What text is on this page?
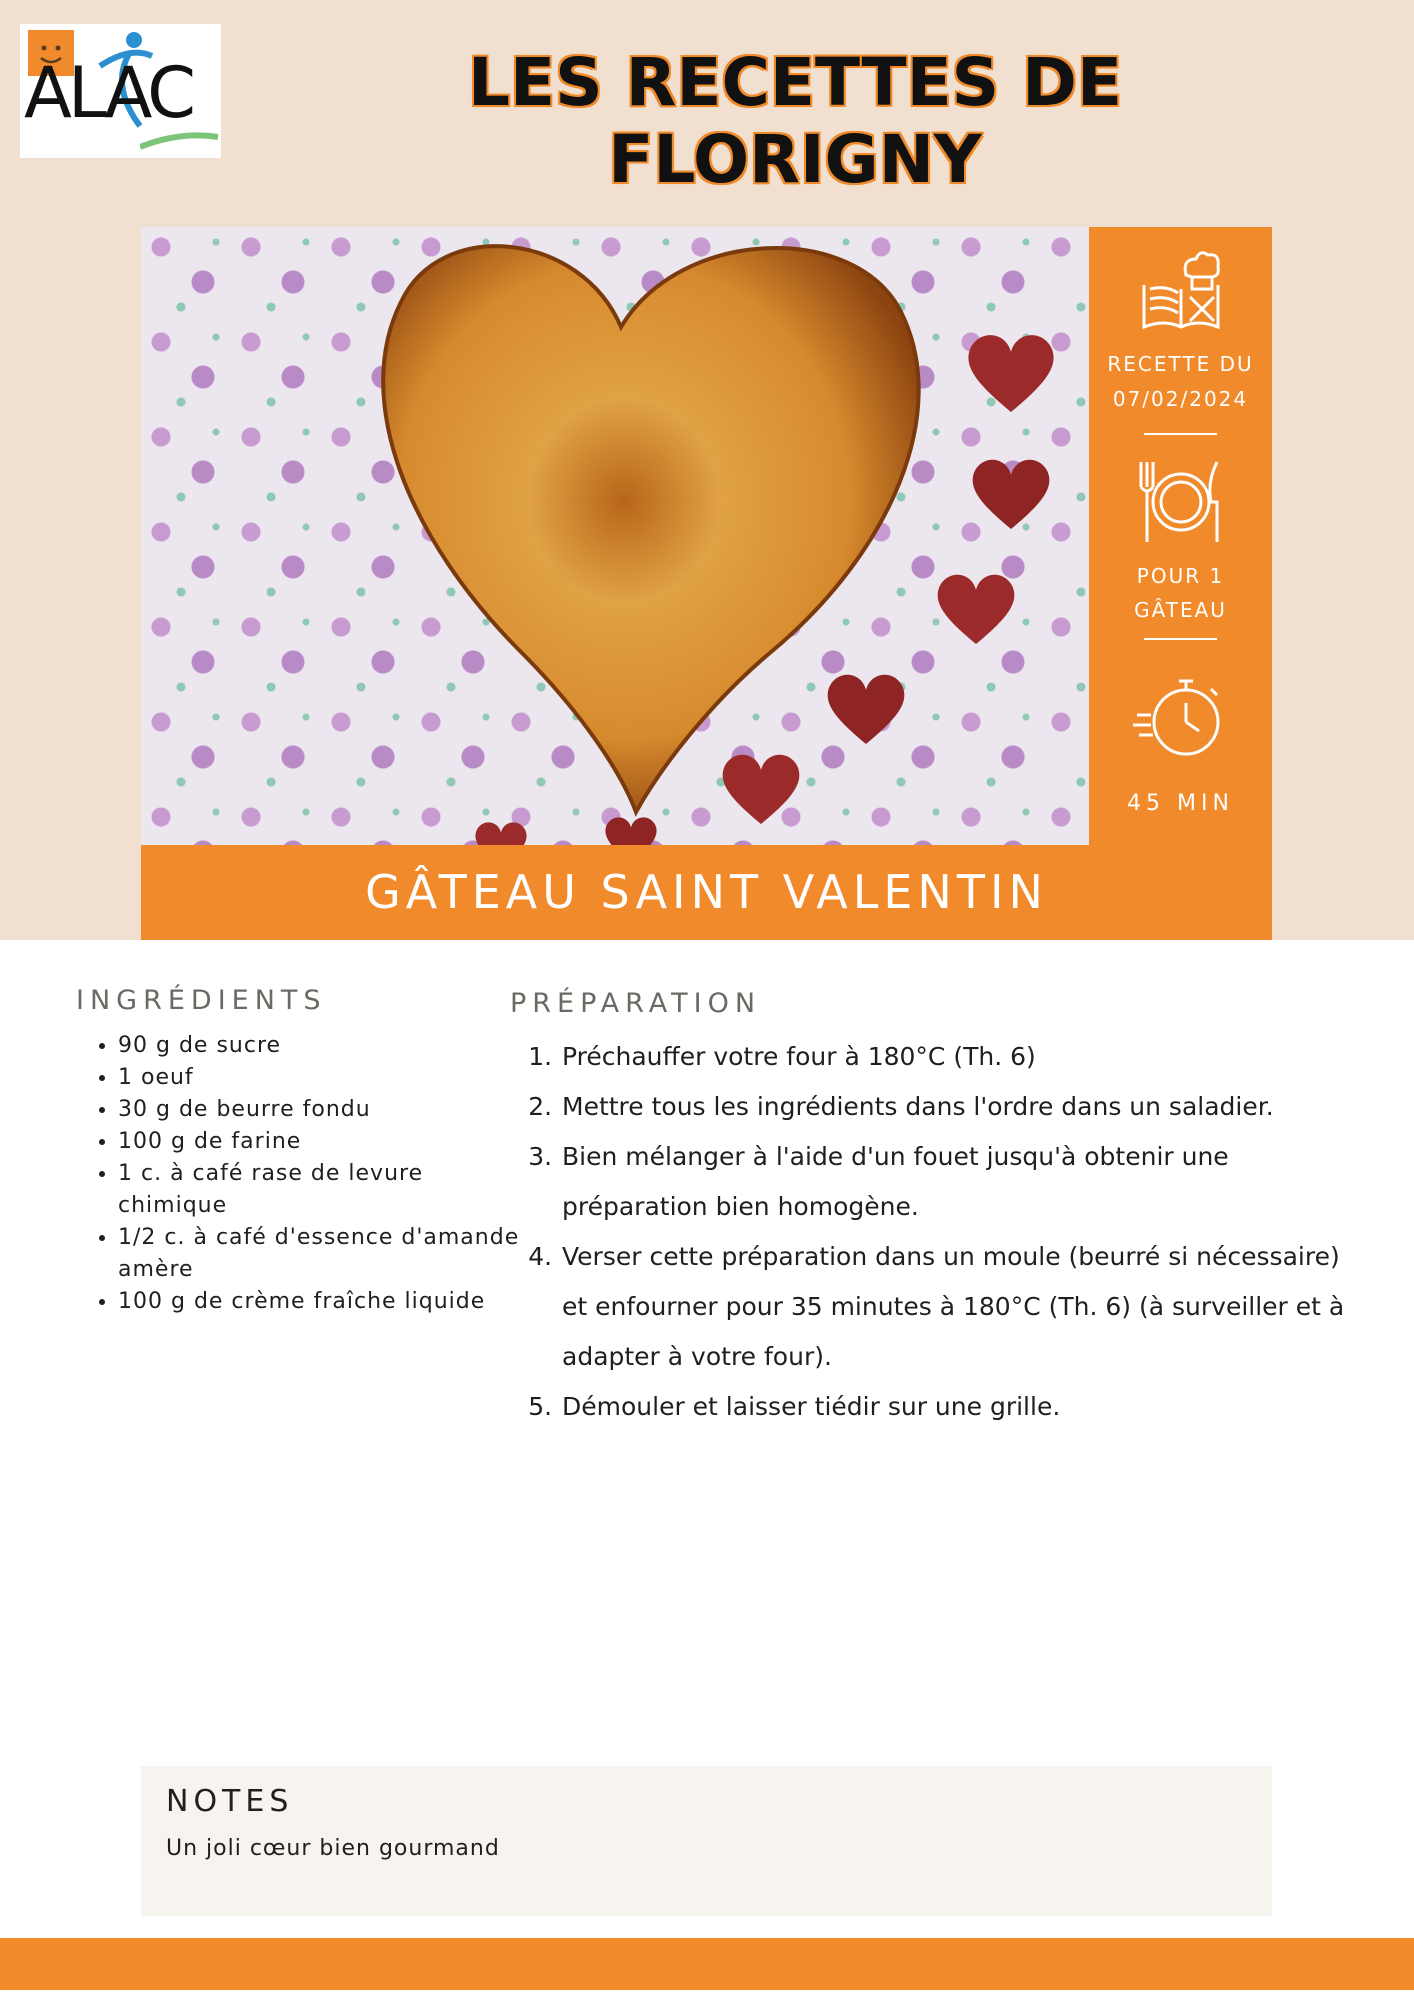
ALAC	LES RECETTES DE FLORIGNY
RECETTE DU
07/02/2024
POUR 1
GÂTEAU
45 MIN
GÂTEAU SAINT VALENTIN
INGRÉDIENTS
• 90 g de sucre
• 1 oeuf
• 30 g de beurre fondu
• 100 g de farine
• 1 c. à café rase de levure chimique
• 1/2 c. à café d'essence d'amande amère
• 100 g de crème fraîche liquide
PRÉPARATION
1. Préchauffer votre four à 180°C (Th. 6)
2. Mettre tous les ingrédients dans l'ordre dans un saladier.
3. Bien mélanger à l'aide d'un fouet jusqu'à obtenir une préparation bien homogène.
4. Verser cette préparation dans un moule (beurré si nécessaire) et enfourner pour 35 minutes à 180°C (Th. 6) (à surveiller et à adapter à votre four).
5. Démouler et laisser tiédir sur une grille.
NOTES
Un joli cœur bien gourmand
